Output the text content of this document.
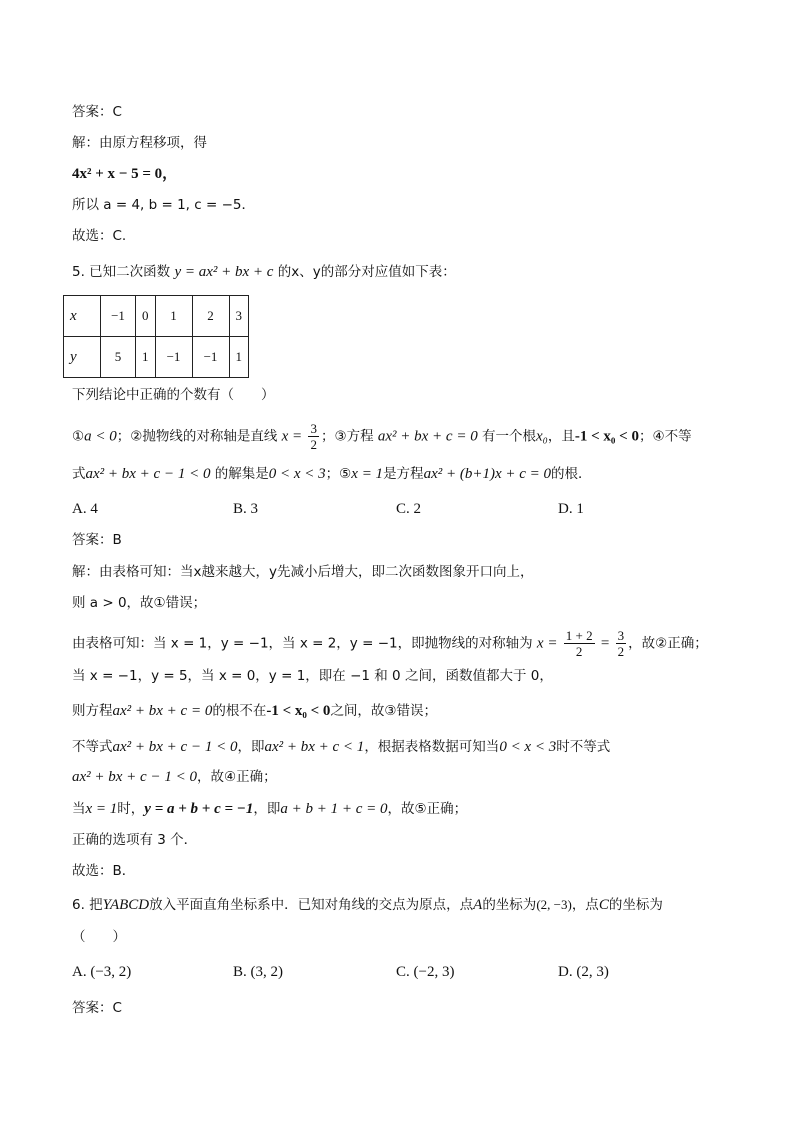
答案：C
解：由原方程移项，得
4x² + x − 5 = 0，
所以 a = 4, b = 1, c = −5．
故选：C.
5. 已知二次函数 y = ax² + bx + c 的x、y的部分对应值如下表：
x	−1	0	1	2	3
y	5	1	−1	−1	1
下列结论中正确的个数有（　　）
①a < 0；②抛物线的对称轴是直线 $x = \frac{3}{2}$ ；③方程 ax² + bx + c = 0 有一个根x₀，且-1 < x₀ < 0；④不等
式ax² + bx + c − 1 < 0 的解集是0 < x < 3；⑤x = 1是方程ax² + (b+1)x + c = 0的根．
A. 4	B. 3	C. 2	D. 1
答案：B
解：由表格可知：当x越来越大，y先减小后增大，即二次函数图象开口向上，
则 a > 0，故①错误；
由表格可知：当 x = 1，y = −1，当 x = 2，y = −1，即抛物线的对称轴为 $x = \frac{1 + 2}{2} = \frac{3}{2}$ ，故②正确；
当 x = −1，y = 5，当 x = 0，y = 1，即在 −1 和 0 之间，函数值都大于 0，
则方程ax² + bx + c = 0的根不在-1 < x₀ < 0之间，故③错误；
不等式ax² + bx + c − 1 < 0，即ax² + bx + c < 1，根据表格数据可知当0 < x < 3时不等式
ax² + bx + c − 1 < 0，故④正确；
当x = 1时，y = a + b + c = −1，即a + b + 1 + c = 0，故⑤正确；
正确的选项有 3 个．
故选：B．
6. 把YABCD放入平面直角坐标系中．已知对角线的交点为原点，点A的坐标为(2, −3)，点C的坐标为
（　　）
A. (−3, 2)	B. (3, 2)	C. (−2, 3)	D. (2, 3)
答案：C
